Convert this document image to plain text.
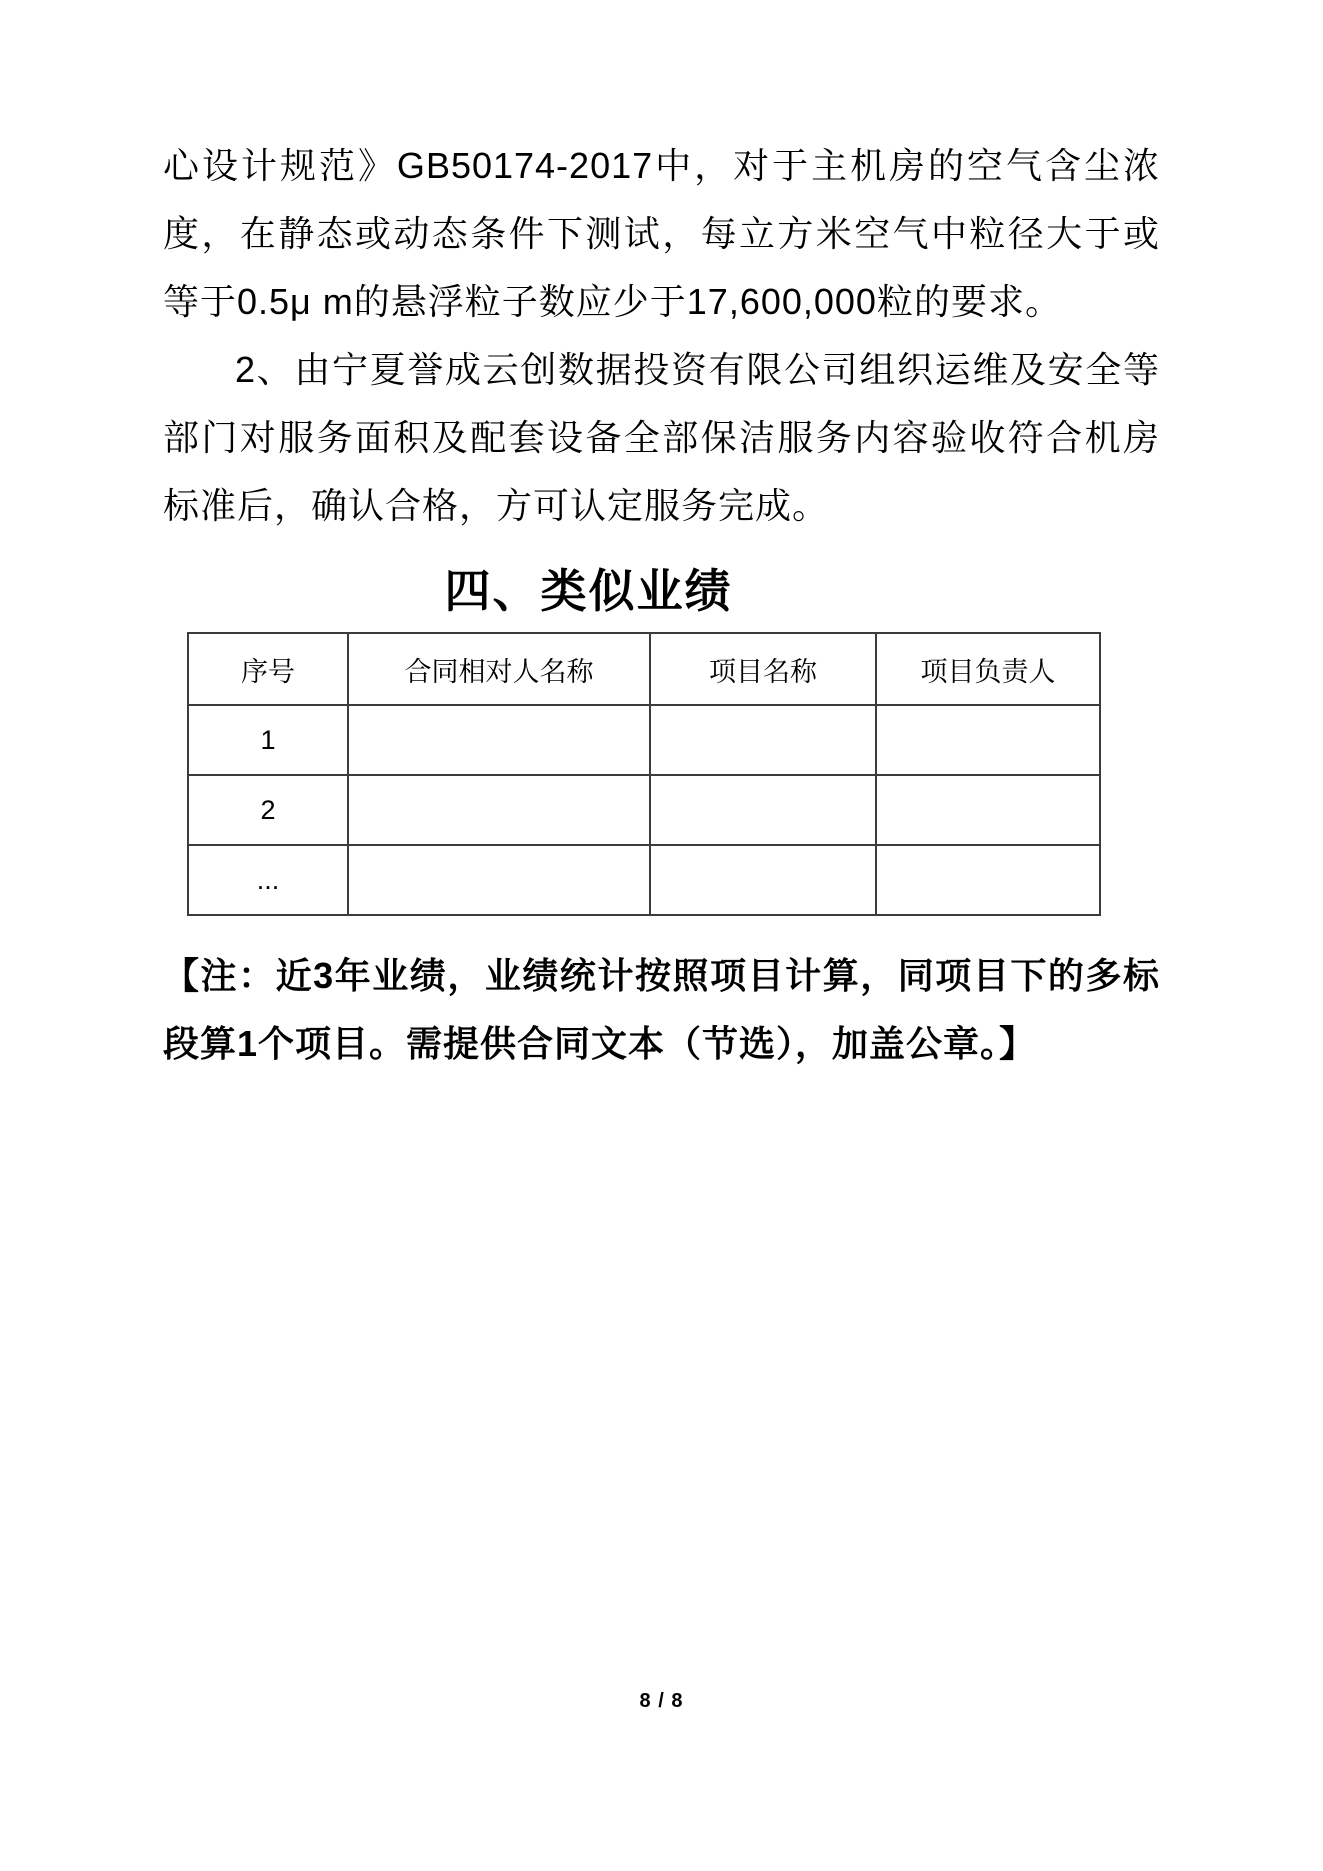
心设计规范》GB50174-2017中，对于主机房的空气含尘浓度，在静态或动态条件下测试，每立方米空气中粒径大于或等于0.5μ m的悬浮粒子数应少于17,600,000粒的要求。

2、由宁夏誉成云创数据投资有限公司组织运维及安全等部门对服务面积及配套设备全部保洁服务内容验收符合机房标准后，确认合格，方可认定服务完成。

四、类似业绩
序号	合同相对人名称	项目名称	项目负责人
1			
2			
...			

【注：近3年业绩，业绩统计按照项目计算，同项目下的多标段算1个项目。需提供合同文本（节选），加盖公章。】

8 / 8
